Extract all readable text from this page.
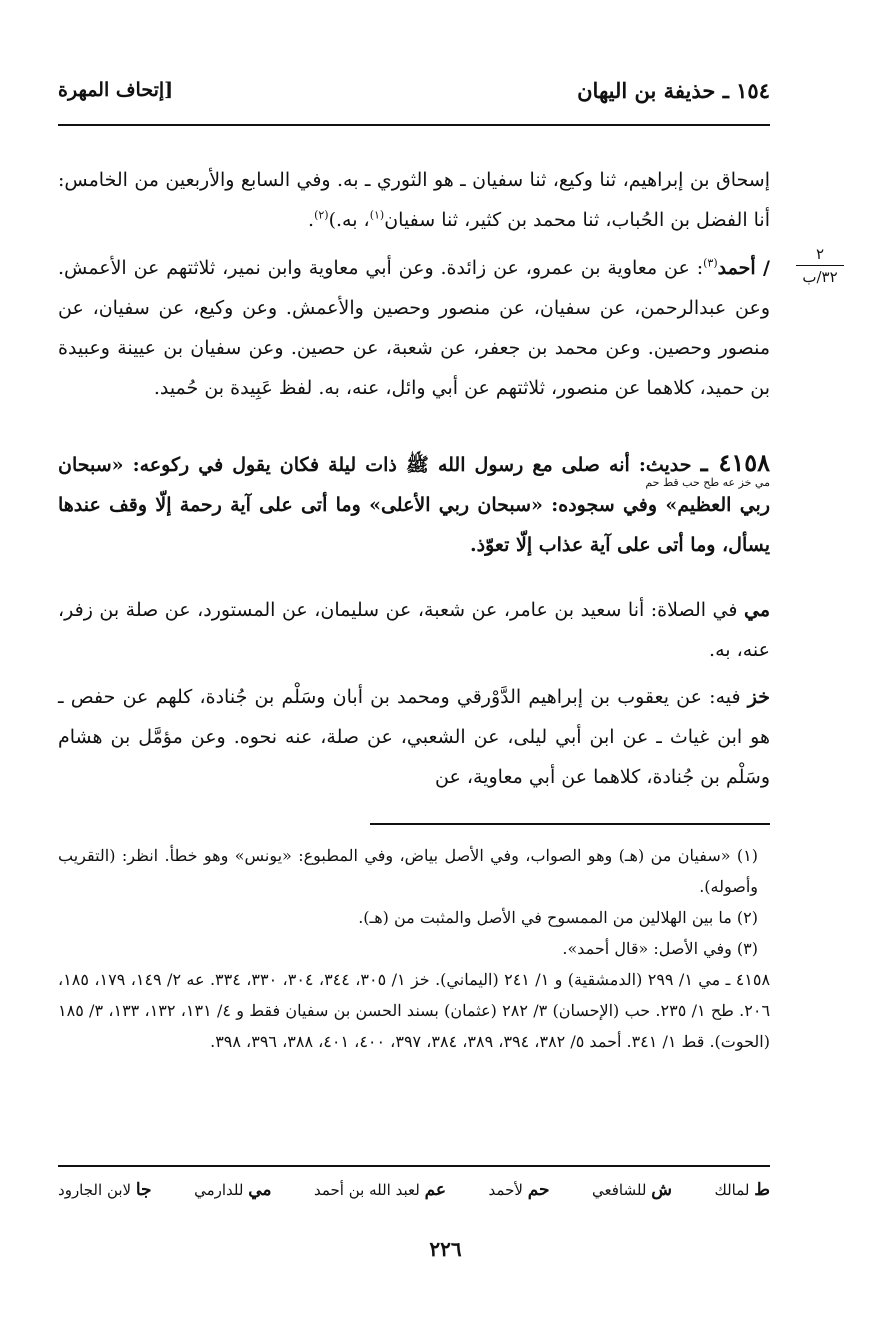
١٥٤ ـ حذيفة بن اليهان
[إتحاف المهرة
٢
٣٢/ب

إسحاق بن إبراهيم، ثنا وكيع، ثنا سفيان ـ هو الثوري ـ به. وفي السابع والأربعين من الخامس: أنا الفضل بن الحُباب، ثنا محمد بن كثير، ثنا سفيان$^{(١)}$، به.)$^{(٢)}$.

/ أحمد$^{(٣)}$: عن معاوية بن عمرو، عن زائدة. وعن أبي معاوية وابن نمير، ثلاثتهم عن الأعمش. وعن عبدالرحمن، عن سفيان، عن منصور وحصين والأعمش. وعن وكيع، عن سفيان، عن منصور وحصين. وعن محمد بن جعفر، عن شعبة، عن حصين. وعن سفيان بن عيينة وعبيدة بن حميد، كلاهما عن منصور، ثلاثتهم عن أبي وائل، عنه، به. لفظ عَبِيدة بن حُميد.

٤١٥٨ ـ حديث: أنه صلى مع رسول الله ﷺ ذات ليلة فكان يقول في ركوعه: «سبحان ربي العظيم» وفي سجوده: «سبحان ربي الأعلى» وما أتى على آية رحمة إلّا وقف عندها يسأل، وما أتى على آية عذاب إلّا تعوّذ.

مي خز عه طح حب قط حم

مي في الصلاة: أنا سعيد بن عامر، عن شعبة، عن سليمان، عن المستورد، عن صلة بن زفر، عنه، به.

خز فيه: عن يعقوب بن إبراهيم الدَّوْرقي ومحمد بن أبان وسَلْم بن جُنادة، كلهم عن حفص ـ هو ابن غياث ـ عن ابن أبي ليلى، عن الشعبي، عن صلة، عنه نحوه. وعن مؤمَّل بن هشام وسَلْم بن جُنادة، كلاهما عن أبي معاوية، عن

(١) «سفيان من (هـ) وهو الصواب، وفي الأصل بياض، وفي المطبوع: «يونس» وهو خطأ. انظر: (التقريب وأصوله).

(٢) ما بين الهلالين من الممسوح في الأصل والمثبت من (هـ).

(٣) وفي الأصل: «قال أحمد».

٤١٥٨ ـ مي ١/ ٢٩٩ (الدمشقية) و ١/ ٢٤١ (اليماني). خز ١/ ٣٠٥، ٣٤٤، ٣٠٤، ٣٣٠، ٣٣٤. عه ٢/ ١٤٩، ١٧٩، ١٨٥، ٢٠٦. طح ١/ ٢٣٥. حب (الإحسان) ٣/ ٢٨٢ (عثمان) بسند الحسن بن سفيان فقط و ٤/ ١٣١، ١٣٢، ١٣٣، ٣/ ١٨٥ (الحوت). قط ١/ ٣٤١. أحمد ٥/ ٣٨٢، ٣٩٤، ٣٨٩، ٣٨٤، ٣٩٧، ٤٠٠، ٤٠١، ٣٨٨، ٣٩٦، ٣٩٨.

ط لمالك
ش للشافعي
حم لأحمد
عم لعبد الله بن أحمد
مي للدارمي
جا لابن الجارود
٢٢٦
